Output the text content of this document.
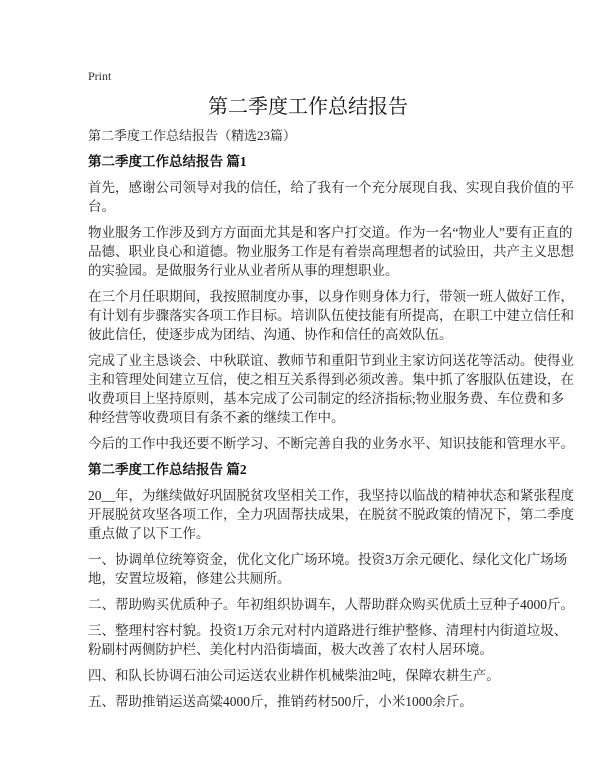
Print
第二季度工作总结报告
第二季度工作总结报告（精选23篇）
第二季度工作总结报告 篇1

首先，感谢公司领导对我的信任，给了我有一个充分展现自我、实现自我价值的平
台。

物业服务工作涉及到方方面面尤其是和客户打交道。作为一名“物业人”要有正直的
品德、职业良心和道德。物业服务工作是有着崇高理想者的试验田，共产主义思想
的实验园。是做服务行业从业者所从事的理想职业。

在三个月任职期间，我按照制度办事，以身作则身体力行，带领一班人做好工作，
有计划有步骤落实各项工作目标。培训队伍使技能有所提高，在职工中建立信任和
彼此信任，使逐步成为团结、沟通、协作和信任的高效队伍。

完成了业主恳谈会、中秋联谊、教师节和重阳节到业主家访问送花等活动。使得业
主和管理处间建立互信，使之相互关系得到必须改善。集中抓了客服队伍建设，在
收费项目上坚持原则，基本完成了公司制定的经济指标;物业服务费、车位费和多
种经营等收费项目有条不紊的继续工作中。

今后的工作中我还要不断学习、不断完善自我的业务水平、知识技能和管理水平。

第二季度工作总结报告 篇2

20__年，为继续做好巩固脱贫攻坚相关工作，我坚持以临战的精神状态和紧张程度
开展脱贫攻坚各项工作，全力巩固帮扶成果，在脱贫不脱政策的情况下，第二季度
重点做了以下工作。

一、协调单位统筹资金，优化文化广场环境。投资3万余元硬化、绿化文化广场场
地，安置垃圾箱，修建公共厕所。

二、帮助购买优质种子。年初组织协调车，人帮助群众购买优质土豆种子4000斤。

三、整理村容村貌。投资1万余元对村内道路进行维护整修、清理村内街道垃圾、
粉刷村两侧防护栏、美化村内沿街墙面，极大改善了农村人居环境。

四、和队长协调石油公司运送农业耕作机械柴油2吨，保障农耕生产。

五、帮助推销运送高粱4000斤，推销药材500斤，小米1000余斤。
